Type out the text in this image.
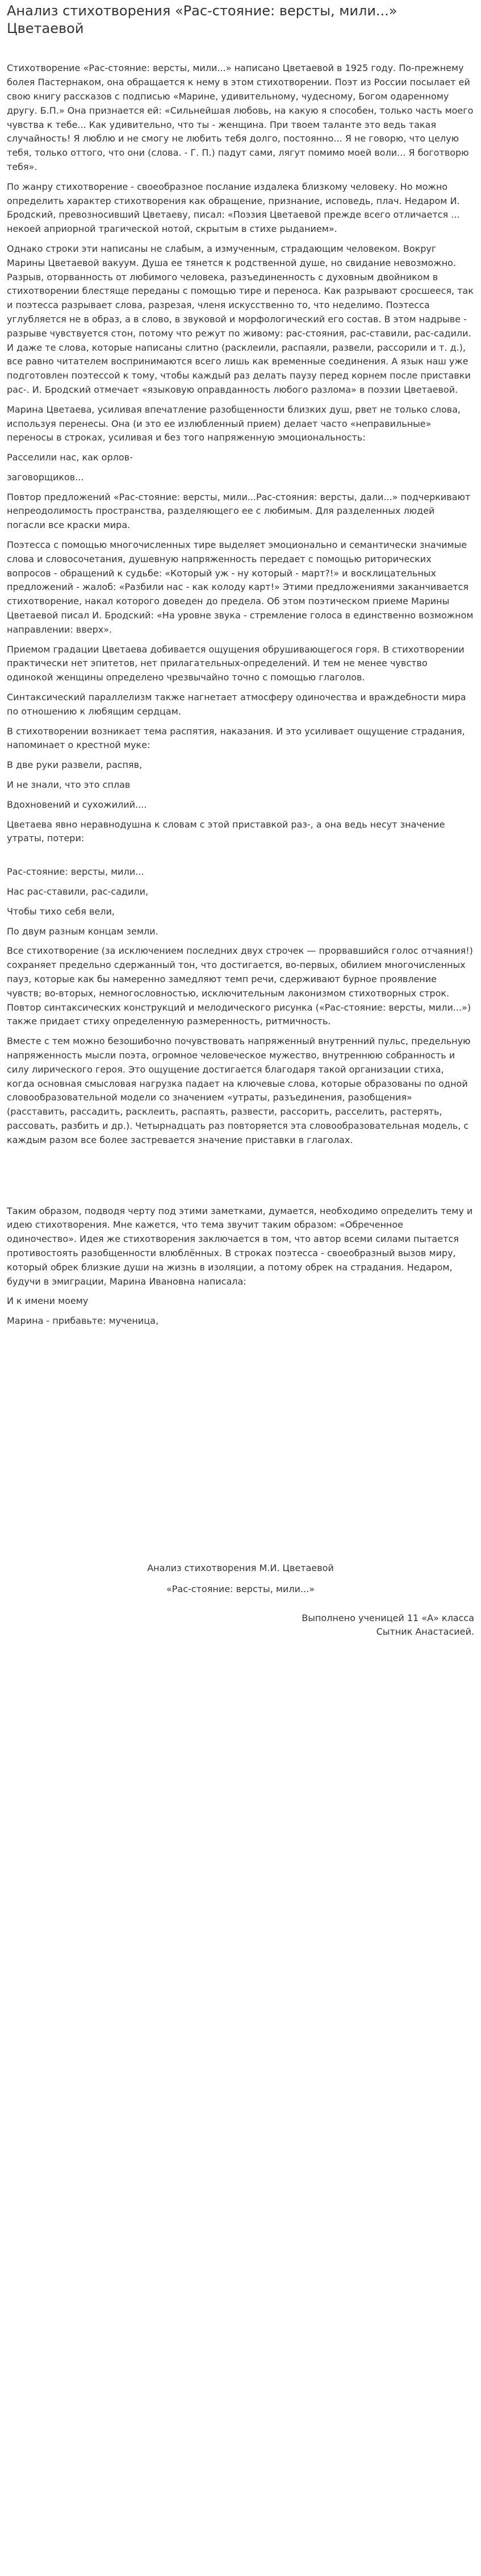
Анализ стихотворения «Рас-стояние: версты, мили...» Цветаевой

Стихотворение «Рас-стояние: версты, мили...» написано Цветаевой в 1925 году. По-прежнему болея Пастернаком, она обращается к нему в этом стихотворении. Поэт из России посылает ей свою книгу рассказов с подписью «Марине, удивительному, чудесному, Богом одаренному другу. Б.П.» Она признается ей: «Сильнейшая любовь, на какую я способен, только часть моего чувства к тебе... Как удивительно, что ты - женщина. При твоем таланте это ведь такая случайность! Я люблю и не смогу не любить тебя долго, постоянно... Я не говорю, что целую тебя, только оттого, что они (слова. - Г. П.) падут сами, лягут помимо моей воли... Я боготворю тебя».

По жанру стихотворение - своеобразное послание издалека близкому человеку. Но можно определить характер стихотворения как обращение, признание, исповедь, плач. Недаром И. Бродский, превозносивший Цветаеву, писал: «Поэзия Цветаевой прежде всего отличается ... некоей априорной трагической нотой, скрытым в стихе рыданием».

Однако строки эти написаны не слабым, а измученным, страдающим человеком. Вокруг Марины Цветаевой вакуум. Душа ее тянется к родственной душе, но свидание невозможно. Разрыв, оторванность от любимого человека, разъединенность с духовным двойником в стихотворении блестяще переданы с помощью тире и переноса. Как разрывают сросшееся, так и поэтесса разрывает слова, разрезая, членя искусственно то, что неделимо. Поэтесса углубляется не в образ, а в слово, в звуковой и морфологический его состав. В этом надрыве - разрыве чувствуется стон, потому что режут по живому: рас-стояния, рас-ставили, рас-садили. И даже те слова, которые написаны слитно (расклеили, распаяли, развели, рассорили и т. д.), все равно читателем воспринимаются всего лишь как временные соединения. А язык наш уже подготовлен поэтессой к тому, чтобы каждый раз делать паузу перед корнем после приставки рас-. И. Бродский отмечает «языковую оправданность любого разлома» в поэзии Цветаевой.

Марина Цветаева, усиливая впечатление разобщенности близких душ, рвет не только слова, используя перенесы. Она (и это ее излюбленный прием) делает часто «неправильные» переносы в строках, усиливая и без того напряженную эмоциональность:

Расселили нас, как орлов-

заговорщиков...

Повтор предложений «Рас-стояние: версты, мили...Рас-стояния: версты, дали...» подчеркивают непреодолимость пространства, разделяющего ее с любимым. Для разделенных людей погасли все краски мира.

Поэтесса с помощью многочисленных тире выделяет эмоционально и семантически значимые слова и словосочетания, душевную напряженность передает с помощью риторических вопросов - обращений к судьбе: «Который уж - ну который - март?!» и восклицательных предложений - жалоб: «Разбили нас - как колоду карт!» Этими предложениями заканчивается стихотворение, накал которого доведен до предела. Об этом поэтическом приеме Марины Цветаевой писал И. Бродский: «На уровне звука - стремление голоса в единственно возможном направлении: вверх».

Приемом градации Цветаева добивается ощущения обрушивающегося горя. В стихотворении практически нет эпитетов, нет прилагательных-определений. И тем не менее чувство одинокой женщины определено чрезвычайно точно с помощью глаголов.

Синтаксический параллелизм также нагнетает атмосферу одиночества и враждебности мира по отношению к любящим сердцам.

В стихотворении возникает тема распятия, наказания. И это усиливает ощущение страдания, напоминает о крестной муке:

В две руки развели, распяв,

И не знали, что это сплав

Вдохновений и сухожилий....

Цветаева явно неравнодушна к словам с этой приставкой раз-, а она ведь несут значение утраты, потери:

Рас-стояние: версты, мили...

Нас рас-ставили, рас-садили,

Чтобы тихо себя вели,

По двум разным концам земли.

Все стихотворение (за исключением последних двух строчек — прорвавшийся голос отчаяния!) сохраняет предельно сдержанный тон, что достигается, во-первых, обилием многочисленных пауз, которые как бы намеренно замедляют темп речи, сдерживают бурное проявление чувств; во-вторых, немногословностью, исключительным лаконизмом стихотворных строк. Повтор синтаксических конструкций и мелодического рисунка («Рас-стояние: версты, мили...») также придает стиху определенную размеренность, ритмичность.

Вместе с тем можно безошибочно почувствовать напряженный внутренний пульс, предельную напряженность мысли поэта, огромное человеческое мужество, внутреннюю собранность и силу лирического героя. Это ощущение достигается благодаря такой организации стиха, когда основная смысловая нагрузка падает на ключевые слова, которые образованы по одной словообразовательной модели со значением «утраты, разъединения, разобщения» (расставить, рассадить, расклеить, распаять, развести, рассорить, расселить, растерять, рассовать, разбить и др.). Четырнадцать раз повторяется эта словообразовательная модель, с каждым разом все более застревается значение приставки в глаголах.

Таким образом, подводя черту под этими заметками, думается, необходимо определить тему и идею стихотворения. Мне кажется, что тема звучит таким образом: «Обреченное одиночество». Идея же стихотворения заключается в том, что автор всеми силами пытается противостоять разобщенности влюблённых. В строках поэтесса - своеобразный вызов миру, который обрек близкие души на жизнь в изоляции, а потому обрек на страдания. Недаром, будучи в эмиграции, Марина Ивановна написала:

И к имени моему

Марина - прибавьте: мученица,

Анализ стихотворения М.И. Цветаевой

«Рас-стояние: версты, мили...»

Выполнено ученицей 11 «А» класса

Сытник Анастасией.
